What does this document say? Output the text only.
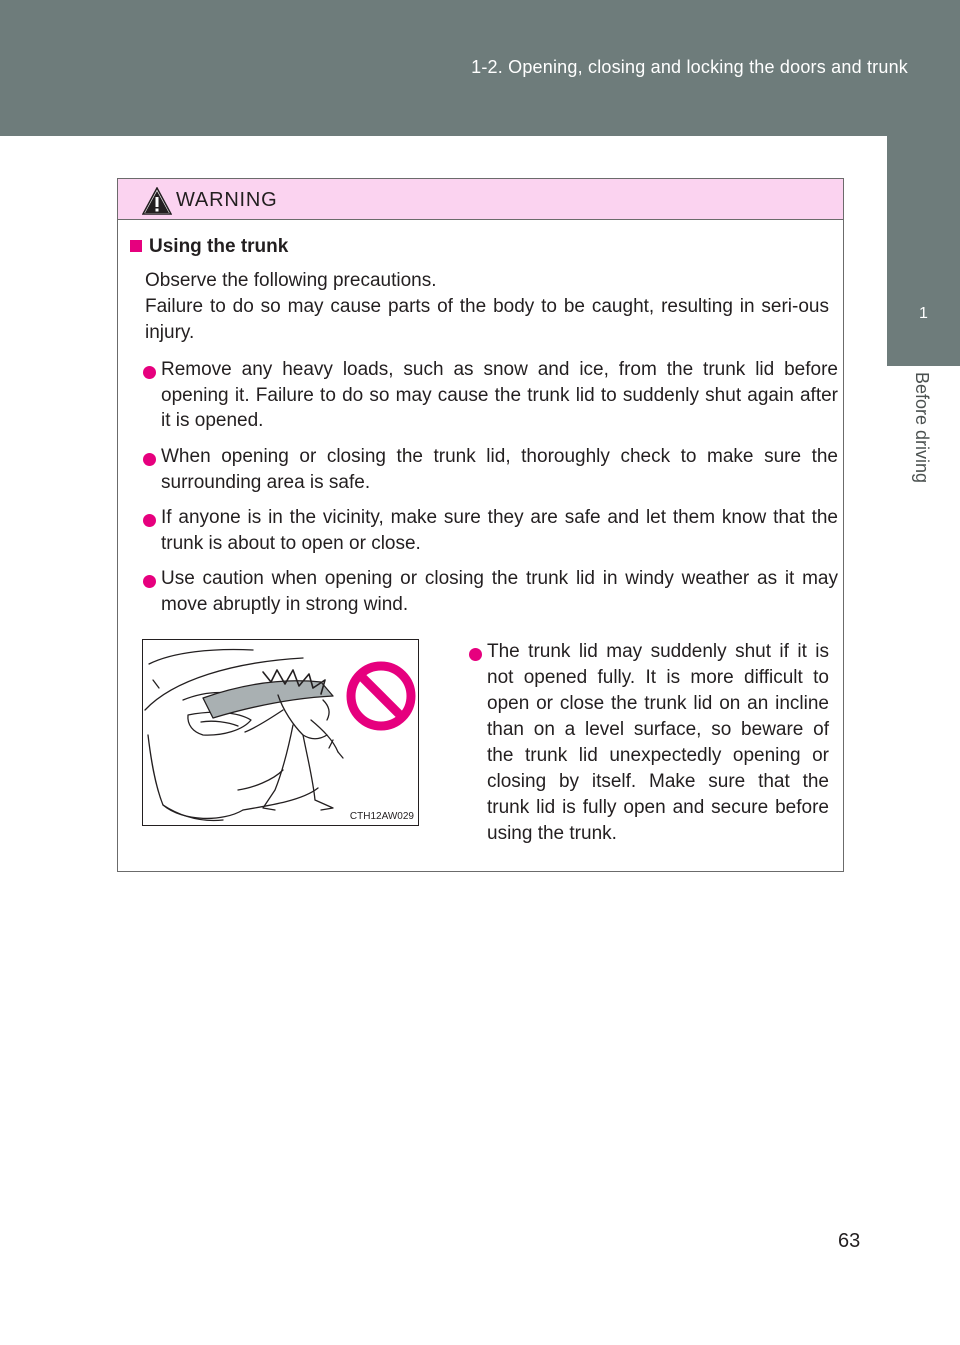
1-2. Opening, closing and locking the doors and trunk
1
Before driving
WARNING
Using the trunk
Observe the following precautions.
Failure to do so may cause parts of the body to be caught, resulting in seri-ous injury.
Remove any heavy loads, such as snow and ice, from the trunk lid before opening it. Failure to do so may cause the trunk lid to suddenly shut again after it is opened.
When opening or closing the trunk lid, thoroughly check to make sure the surrounding area is safe.
If anyone is in the vicinity, make sure they are safe and let them know that the trunk is about to open or close.
Use caution when opening or closing the trunk lid in windy weather as it may move abruptly in strong wind.
CTH12AW029
The trunk lid may suddenly shut if it is not opened fully. It is more difficult to open or close the trunk lid on an incline than on a level surface, so beware of the trunk lid unexpectedly opening or closing by itself. Make sure that the trunk lid is fully open and secure before using the trunk.
63
